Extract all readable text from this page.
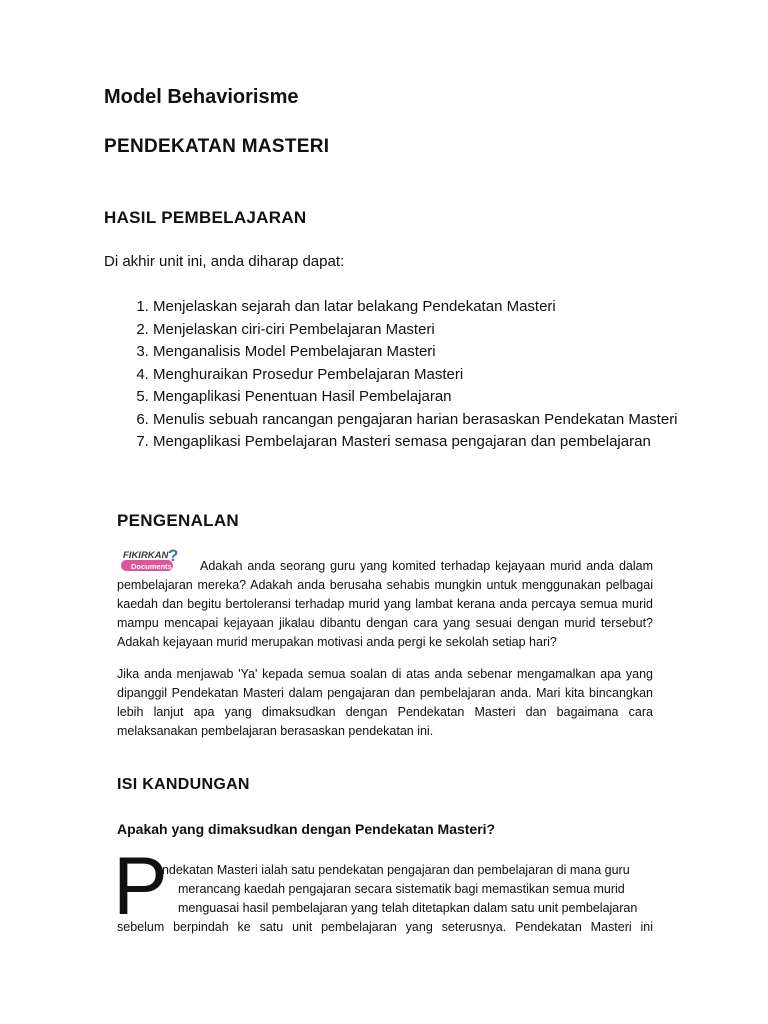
Model Behaviorisme
PENDEKATAN MASTERI
HASIL PEMBELAJARAN

Di akhir unit ini, anda diharap dapat:

1. Menjelaskan sejarah dan latar belakang Pendekatan Masteri
2. Menjelaskan ciri-ciri Pembelajaran Masteri
3. Menganalisis Model Pembelajaran Masteri
4. Menghuraikan Prosedur Pembelajaran Masteri
5. Mengaplikasi Penentuan Hasil Pembelajaran
6. Menulis sebuah rancangan pengajaran harian berasaskan Pendekatan Masteri
7. Mengaplikasi Pembelajaran Masteri semasa pengajaran dan pembelajaran
PENGENALAN
FIKIRKAN
Documents
?

Adakah anda seorang guru yang komited terhadap kejayaan murid anda dalam pembelajaran mereka? Adakah anda berusaha sehabis mungkin untuk menggunakan pelbagai kaedah dan begitu bertoleransi terhadap murid yang lambat kerana anda percaya semua murid mampu mencapai kejayaan jikalau dibantu dengan cara yang sesuai dengan murid tersebut? Adakah kejayaan murid merupakan motivasi anda pergi ke sekolah setiap hari?

Jika anda menjawab 'Ya' kepada semua soalan di atas anda sebenar mengamalkan apa yang dipanggil Pendekatan Masteri dalam pengajaran dan pembelajaran anda. Mari kita bincangkan lebih lanjut apa yang dimaksudkan dengan Pendekatan Masteri dan bagaimana cara melaksanakan pembelajaran berasaskan pendekatan ini.

ISI KANDUNGAN
Apakah yang dimaksudkan dengan Pendekatan Masteri?
P

endekatan Masteri ialah satu pendekatan pengajaran dan pembelajaran di mana guru

merancang kaedah pengajaran secara sistematik bagi memastikan semua murid

menguasai hasil pembelajaran yang telah ditetapkan dalam satu unit pembelajaran

sebelum berpindah ke satu unit pembelajaran yang seterusnya. Pendekatan Masteri ini
